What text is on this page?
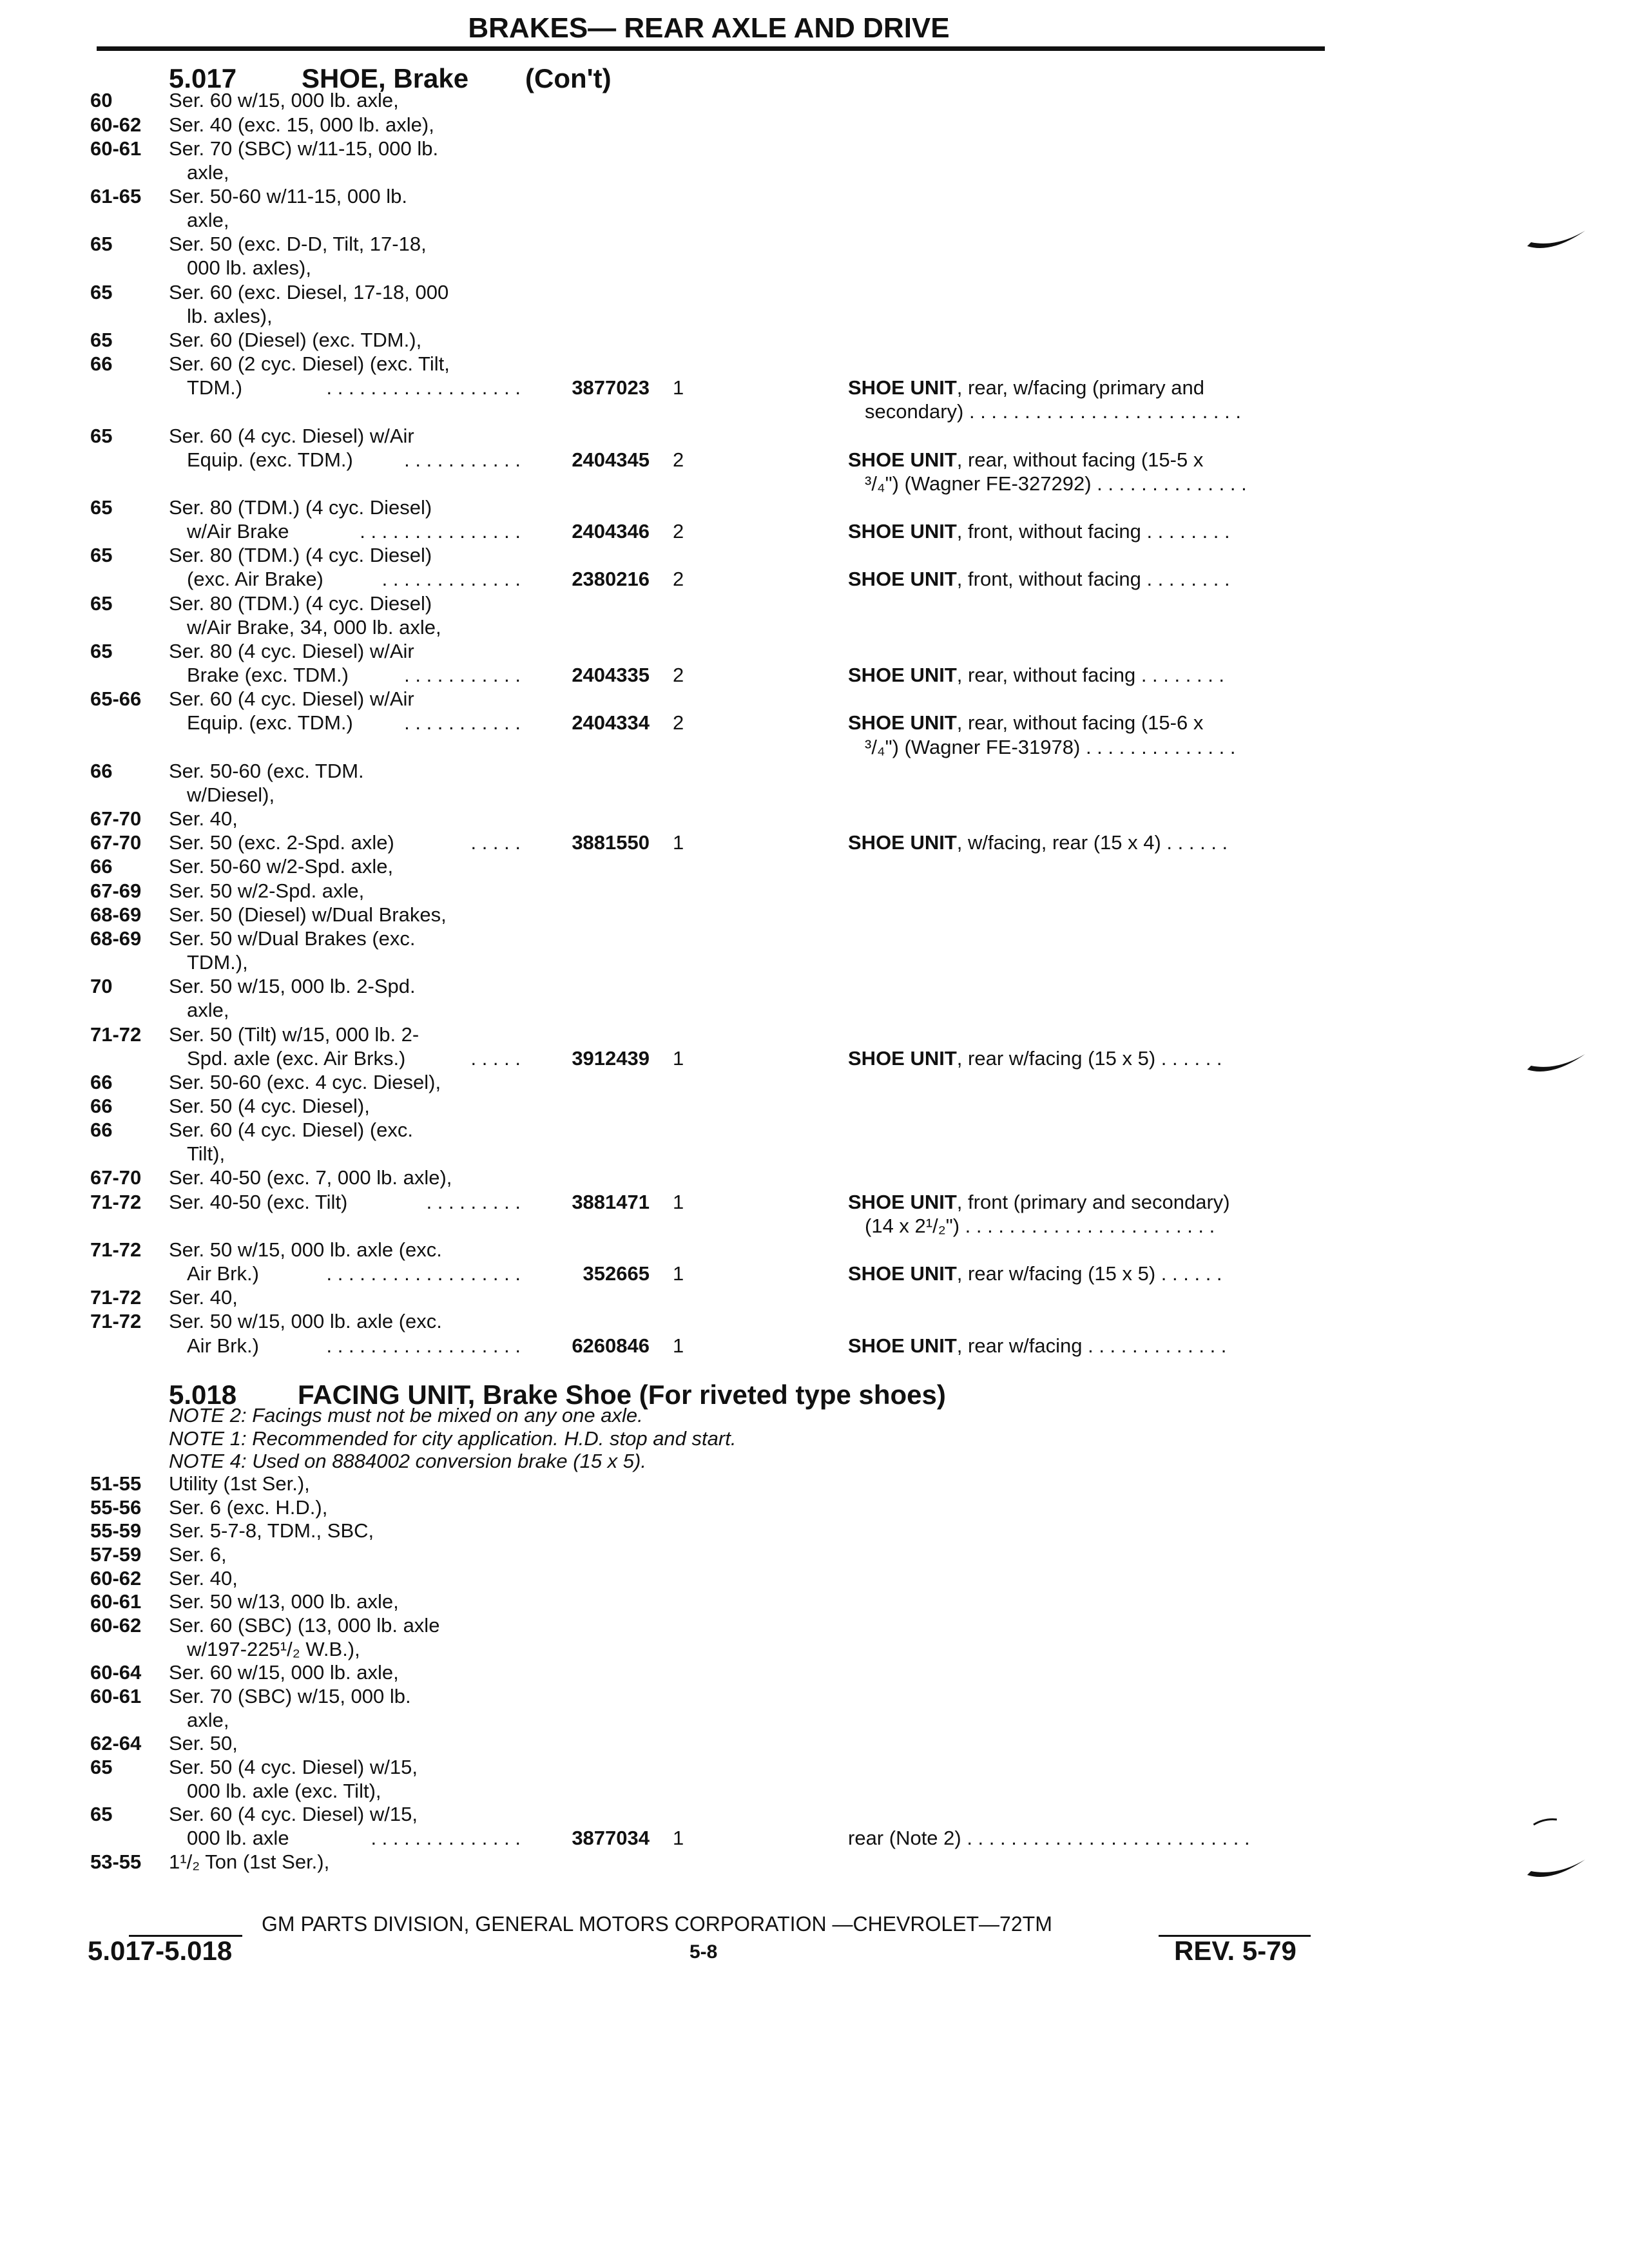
BRAKES— REAR AXLE AND DRIVE
5.017 SHOE, Brake (Con't)
60	Ser. 60 w/15, 000 lb. axle,
60-62 Ser. 40 (exc. 15, 000 lb. axle),
60-61 Ser. 70 (SBC) w/11-15, 000 lb.
axle,
61-65 Ser. 50-60 w/11-15, 000 lb.
axle,
65	Ser. 50 (exc. D-D, Tilt, 17-18,
000 lb. axles),
65	Ser. 60 (exc. Diesel, 17-18, 000
lb. axles),
65	Ser. 60 (Diesel) (exc. TDM.),
66	Ser. 60 (2 cyc. Diesel) (exc. Tilt,
TDM.)	. . . . . . . . . . . . . . . . . .	3877023 1	SHOE UNIT, rear, w/facing (primary and
secondary) . . . . . . . . . . . . . . . . . . . . . . . . .
65	Ser. 60 (4 cyc. Diesel) w/Air
Equip. (exc. TDM.)	. . . . . . . . . . .	2404345 2	SHOE UNIT, rear, without facing (15-5 x
³/₄") (Wagner FE-327292) . . . . . . . . . . . . . .
65	Ser. 80 (TDM.) (4 cyc. Diesel)
w/Air Brake	. . . . . . . . . . . . . . .	2404346 2	SHOE UNIT, front, without facing . . . . . . . .
65	Ser. 80 (TDM.) (4 cyc. Diesel)
(exc. Air Brake)	. . . . . . . . . . . . .	2380216 2	SHOE UNIT, front, without facing . . . . . . . .
65	Ser. 80 (TDM.) (4 cyc. Diesel)
w/Air Brake, 34, 000 lb. axle,
65	Ser. 80 (4 cyc. Diesel) w/Air
Brake (exc. TDM.)	. . . . . . . . . . .	2404335 2	SHOE UNIT, rear, without facing . . . . . . . .
65-66 Ser. 60 (4 cyc. Diesel) w/Air
Equip. (exc. TDM.)	. . . . . . . . . . .	2404334 2	SHOE UNIT, rear, without facing (15-6 x
³/₄") (Wagner FE-31978) . . . . . . . . . . . . . .
66	Ser. 50-60 (exc. TDM.
w/Diesel),
67-70 Ser. 40,
67-70 Ser. 50 (exc. 2-Spd. axle)	. . . . .	3881550 1	SHOE UNIT, w/facing, rear (15 x 4) . . . . . .
66	Ser. 50-60 w/2-Spd. axle,
67-69 Ser. 50 w/2-Spd. axle,
68-69 Ser. 50 (Diesel) w/Dual Brakes,
68-69 Ser. 50 w/Dual Brakes (exc.
TDM.),
70	Ser. 50 w/15, 000 lb. 2-Spd.
axle,
71-72 Ser. 50 (Tilt) w/15, 000 lb. 2-
Spd. axle (exc. Air Brks.)	. . . . .	3912439 1	SHOE UNIT, rear w/facing (15 x 5) . . . . . .
66	Ser. 50-60 (exc. 4 cyc. Diesel),
66	Ser. 50 (4 cyc. Diesel),
66	Ser. 60 (4 cyc. Diesel) (exc.
Tilt),
67-70 Ser. 40-50 (exc. 7, 000 lb. axle),
71-72 Ser. 40-50 (exc. Tilt)	. . . . . . . . .	3881471 1	SHOE UNIT, front (primary and secondary)
(14 x 2¹/₂") . . . . . . . . . . . . . . . . . . . . . . .
71-72 Ser. 50 w/15, 000 lb. axle (exc.
Air Brk.)	. . . . . . . . . . . . . . . . . .	352665 1	SHOE UNIT, rear w/facing (15 x 5) . . . . . .
71-72 Ser. 40,
71-72 Ser. 50 w/15, 000 lb. axle (exc.
Air Brk.)	. . . . . . . . . . . . . . . . . .	6260846 1	SHOE UNIT, rear w/facing . . . . . . . . . . . . .
5.018 FACING UNIT, Brake Shoe (For riveted type shoes)
NOTE 2: Facings must not be mixed on any one axle.
NOTE 1: Recommended for city application. H.D. stop and start.
NOTE 4: Used on 8884002 conversion brake (15 x 5).
51-55 Utility (1st Ser.),
55-56 Ser. 6 (exc. H.D.),
55-59 Ser. 5-7-8, TDM., SBC,
57-59 Ser. 6,
60-62 Ser. 40,
60-61 Ser. 50 w/13, 000 lb. axle,
60-62 Ser. 60 (SBC) (13, 000 lb. axle
w/197-225¹/₂ W.B.),
60-64 Ser. 60 w/15, 000 lb. axle,
60-61 Ser. 70 (SBC) w/15, 000 lb.
axle,
62-64 Ser. 50,
65	Ser. 50 (4 cyc. Diesel) w/15,
000 lb. axle (exc. Tilt),
65	Ser. 60 (4 cyc. Diesel) w/15,
000 lb. axle	. . . . . . . . . . . . . .	3877034 1	rear (Note 2) . . . . . . . . . . . . . . . . . . . . . . . . . .
53-55 1¹/₂ Ton (1st Ser.),
GM PARTS DIVISION, GENERAL MOTORS CORPORATION —CHEVROLET—72TM
5.017-5.018	5-8	REV. 5-79
